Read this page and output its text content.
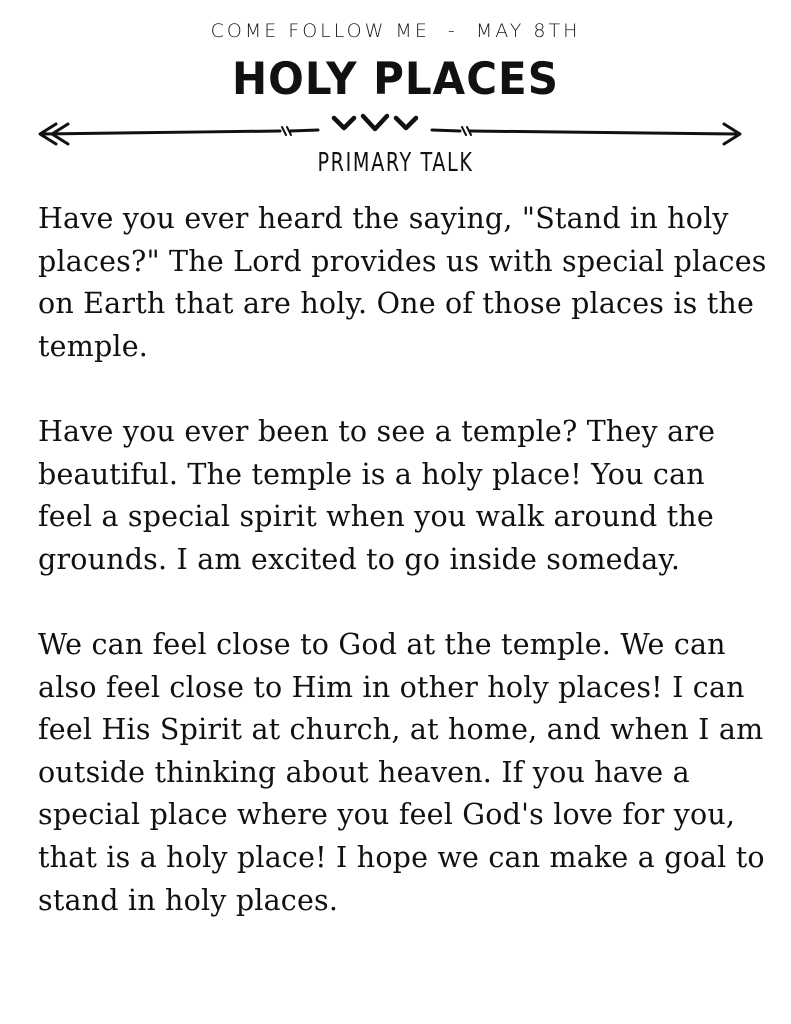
COME FOLLOW ME  -  MAY 8TH
HOLY PLACES
PRIMARY TALK

Have you ever heard the saying, "Stand in holy places?" The Lord provides us with special places on Earth that are holy. One of those places is the temple.

Have you ever been to see a temple? They are beautiful. The temple is a holy place! You can feel a special spirit when you walk around the grounds. I am excited to go inside someday.

We can feel close to God at the temple. We can also feel close to Him in other holy places! I can feel His Spirit at church, at home, and when I am outside thinking about heaven. If you have a special place where you feel God's love for you, that is a holy place! I hope we can make a goal to stand in holy places.
